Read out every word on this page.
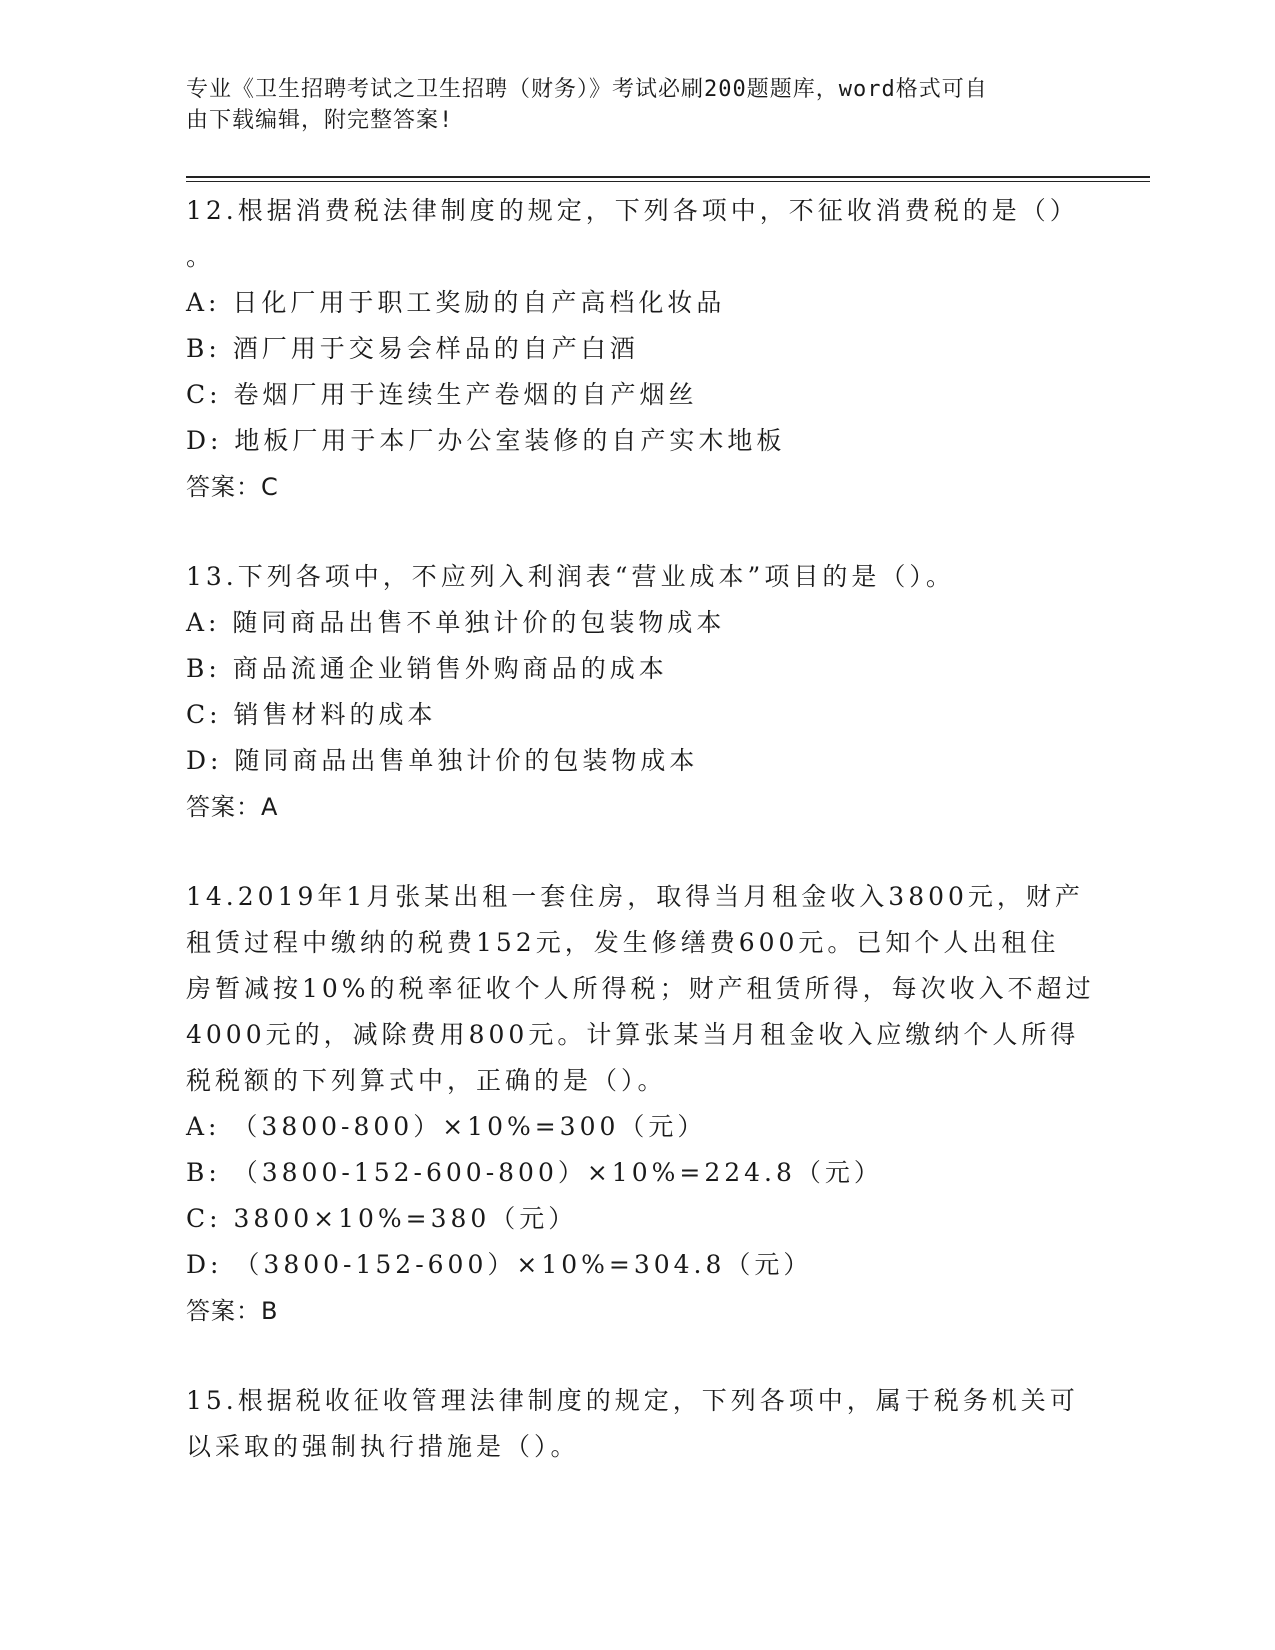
专业《卫生招聘考试之卫生招聘（财务）》考试必刷200题题库，word格式可自
由下载编辑，附完整答案!
12.根据消费税法律制度的规定，下列各项中，不征收消费税的是（）
。
A: 日化厂用于职工奖励的自产高档化妆品
B: 酒厂用于交易会样品的自产白酒
C: 卷烟厂用于连续生产卷烟的自产烟丝
D: 地板厂用于本厂办公室装修的自产实木地板
答案：C
13.下列各项中，不应列入利润表“营业成本”项目的是（）。
A: 随同商品出售不单独计价的包装物成本
B: 商品流通企业销售外购商品的成本
C: 销售材料的成本
D: 随同商品出售单独计价的包装物成本
答案：A
14.2019年1月张某出租一套住房，取得当月租金收入3800元，财产
租赁过程中缴纳的税费152元，发生修缮费600元。已知个人出租住
房暂减按10%的税率征收个人所得税；财产租赁所得，每次收入不超过
4000元的，减除费用800元。计算张某当月租金收入应缴纳个人所得
税税额的下列算式中，正确的是（）。
A: （3800-800）×10%=300（元）
B: （3800-152-600-800）×10%=224.8（元）
C: 3800×10%=380（元）
D: （3800-152-600）×10%=304.8（元）
答案：B
15.根据税收征收管理法律制度的规定，下列各项中，属于税务机关可
以采取的强制执行措施是（）。
